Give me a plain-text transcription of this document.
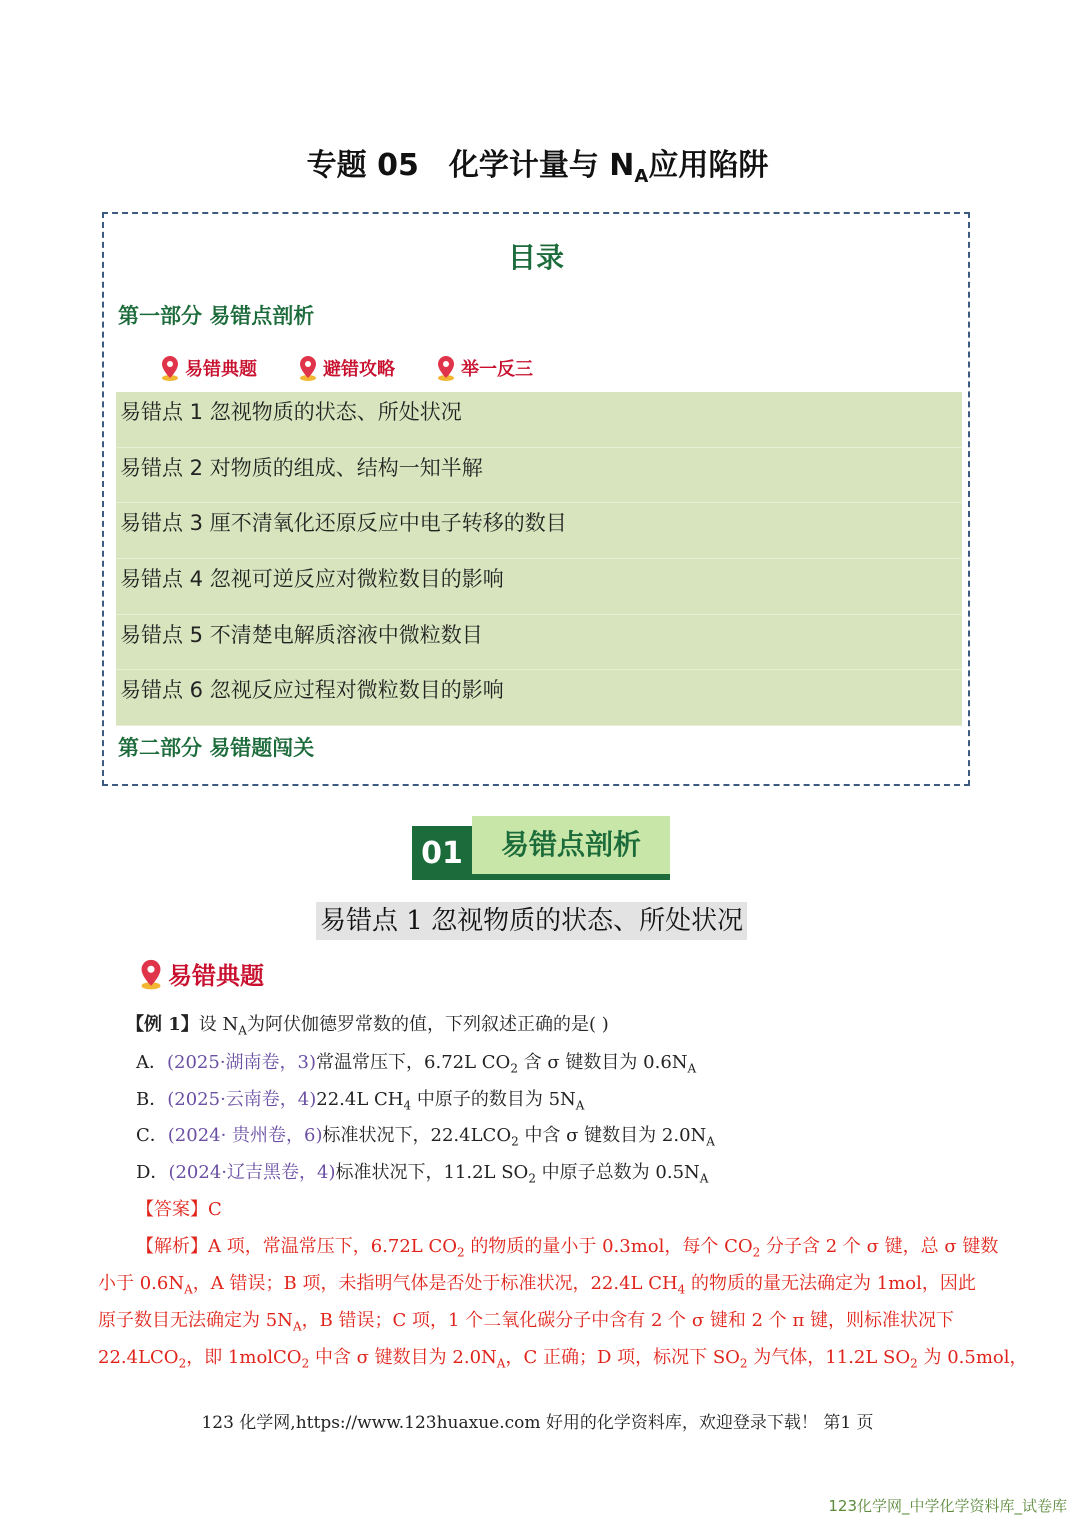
专题 05 化学计量与 $N_A$应用陷阱
目录
第一部分 易错点剖析
易错典题	避错攻略	举一反三
易错点 1 忽视物质的状态、所处状况
易错点 2 对物质的组成、结构一知半解
易错点 3 厘不清氧化还原反应中电子转移的数目
易错点 4 忽视可逆反应对微粒数目的影响
易错点 5 不清楚电解质溶液中微粒数目
易错点 6 忽视反应过程对微粒数目的影响
第二部分 易错题闯关
01	易错点剖析
易错点 1 忽视物质的状态、所处状况
易错典题
【例 1】设 $N_A$为阿伏伽德罗常数的值，下列叙述正确的是( )
A．(2025·湖南卷，3)常温常压下，6.72L $CO_2$ 含 σ 键数目为 $0.6N_A$
B．(2025·云南卷，4)22.4L $CH_4$ 中原子的数目为 $5N_A$
C．(2024· 贵州卷，6)标准状况下，$22.4LCO_2$ 中含 σ 键数目为 $2.0N_A$
D．(2024·辽吉黑卷，4)标准状况下，11.2L $SO_2$ 中原子总数为 $0.5N_A$
【答案】C
【解析】A 项，常温常压下，6.72L $CO_2$ 的物质的量小于 0.3mol，每个 $CO_2$ 分子含 2 个 σ 键，总 σ 键数
小于 $0.6N_A$，A 错误；B 项，未指明气体是否处于标准状况，22.4L $CH_4$ 的物质的量无法确定为 1mol，因此
原子数目无法确定为 $5N_A$，B 错误；C 项，1 个二氧化碳分子中含有 2 个 σ 键和 2 个 π 键，则标准状况下
$22.4LCO_2$，即 1molCO$_2$ 中含 σ 键数目为 $2.0N_A$，C 正确；D 项，标况下 $SO_2$ 为气体，11.2L $SO_2$ 为 0.5mol，
123 化学网,https://www.123huaxue.com 好用的化学资料库，欢迎登录下载！ 第1 页
123化学网_中学化学资料库_试卷库
